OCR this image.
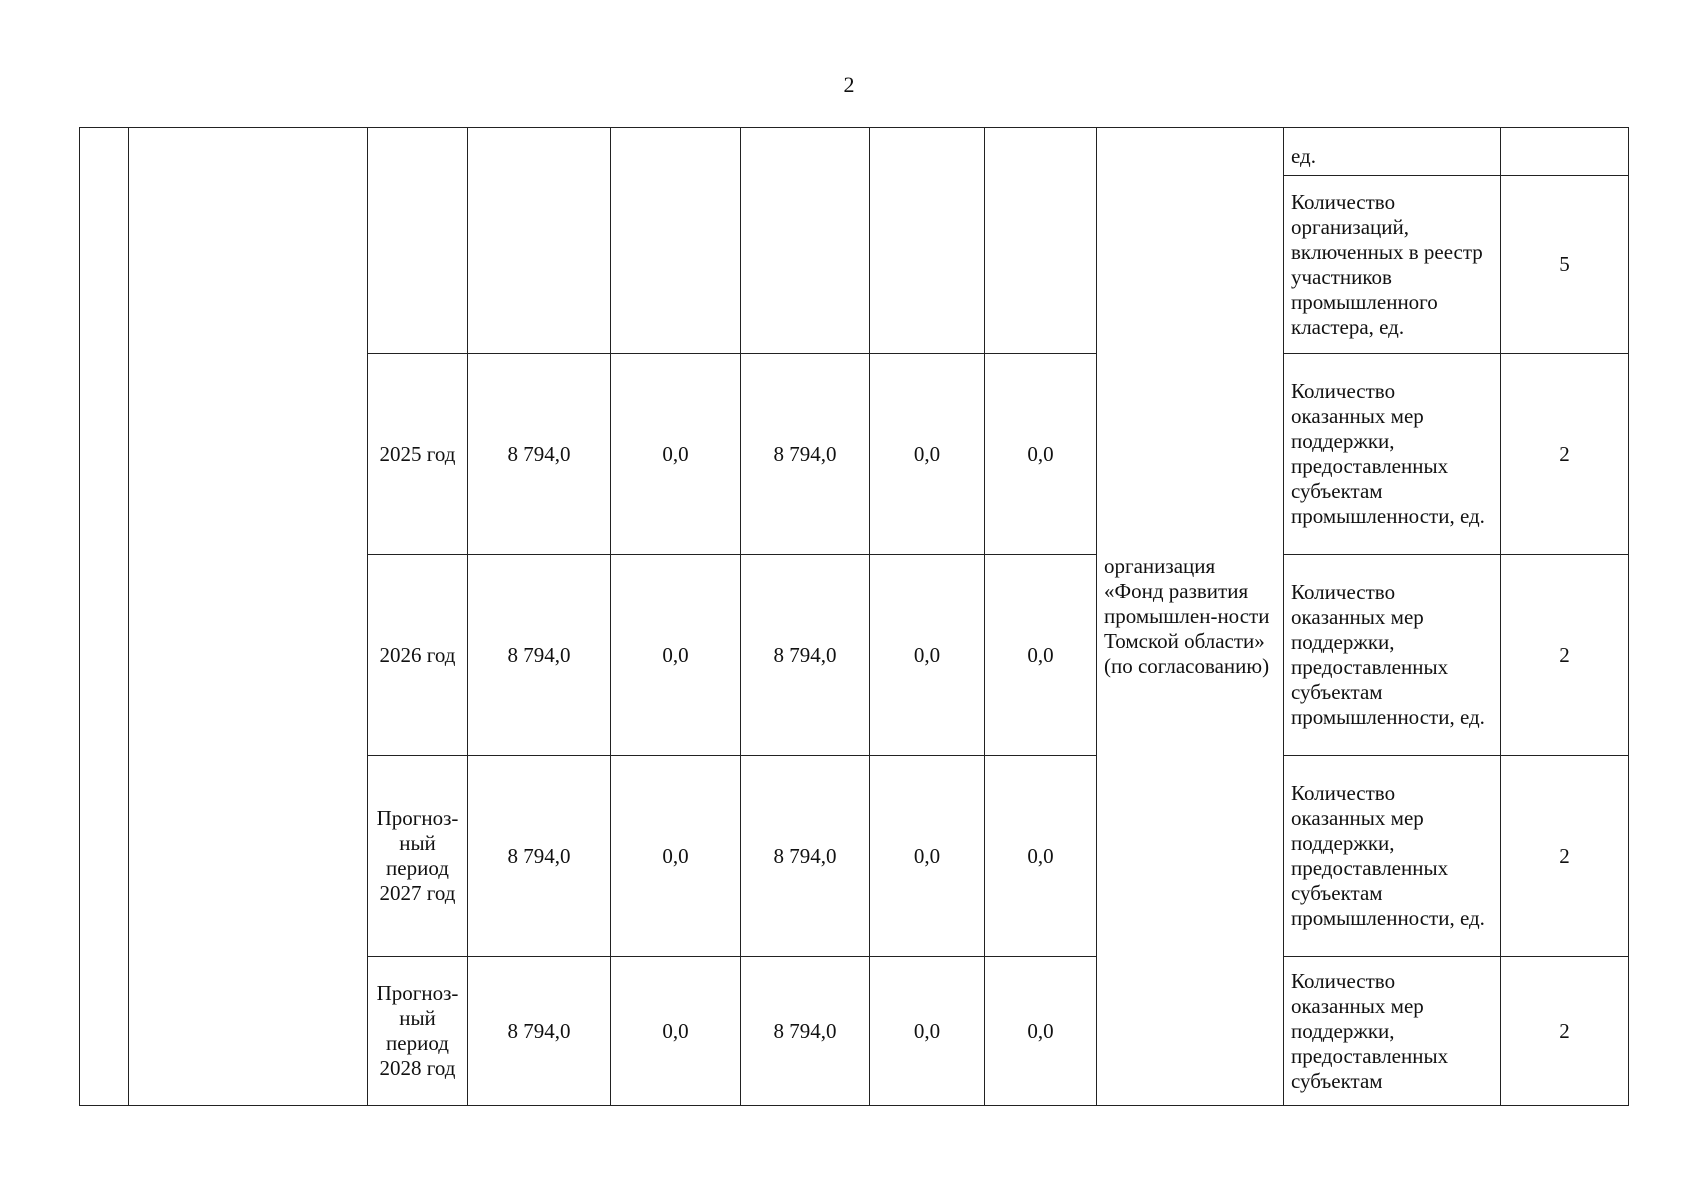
2
								организация «Фонд развития промышлен-ности Томской области» (по согласованию)	ед.	
									Количество организаций, включенных в реестр участников промышленного кластера, ед.	5
		2025 год	8 794,0	0,0	8 794,0	0,0	0,0		Количество оказанных мер поддержки, предоставленных субъектам промышленности, ед.	2
		2026 год	8 794,0	0,0	8 794,0	0,0	0,0		Количество оказанных мер поддержки, предоставленных субъектам промышленности, ед.	2
		Прогноз-ный период 2027 год	8 794,0	0,0	8 794,0	0,0	0,0		Количество оказанных мер поддержки, предоставленных субъектам промышленности, ед.	2
		Прогноз-ный период 2028 год	8 794,0	0,0	8 794,0	0,0	0,0		Количество оказанных мер поддержки, предоставленных субъектам	2
